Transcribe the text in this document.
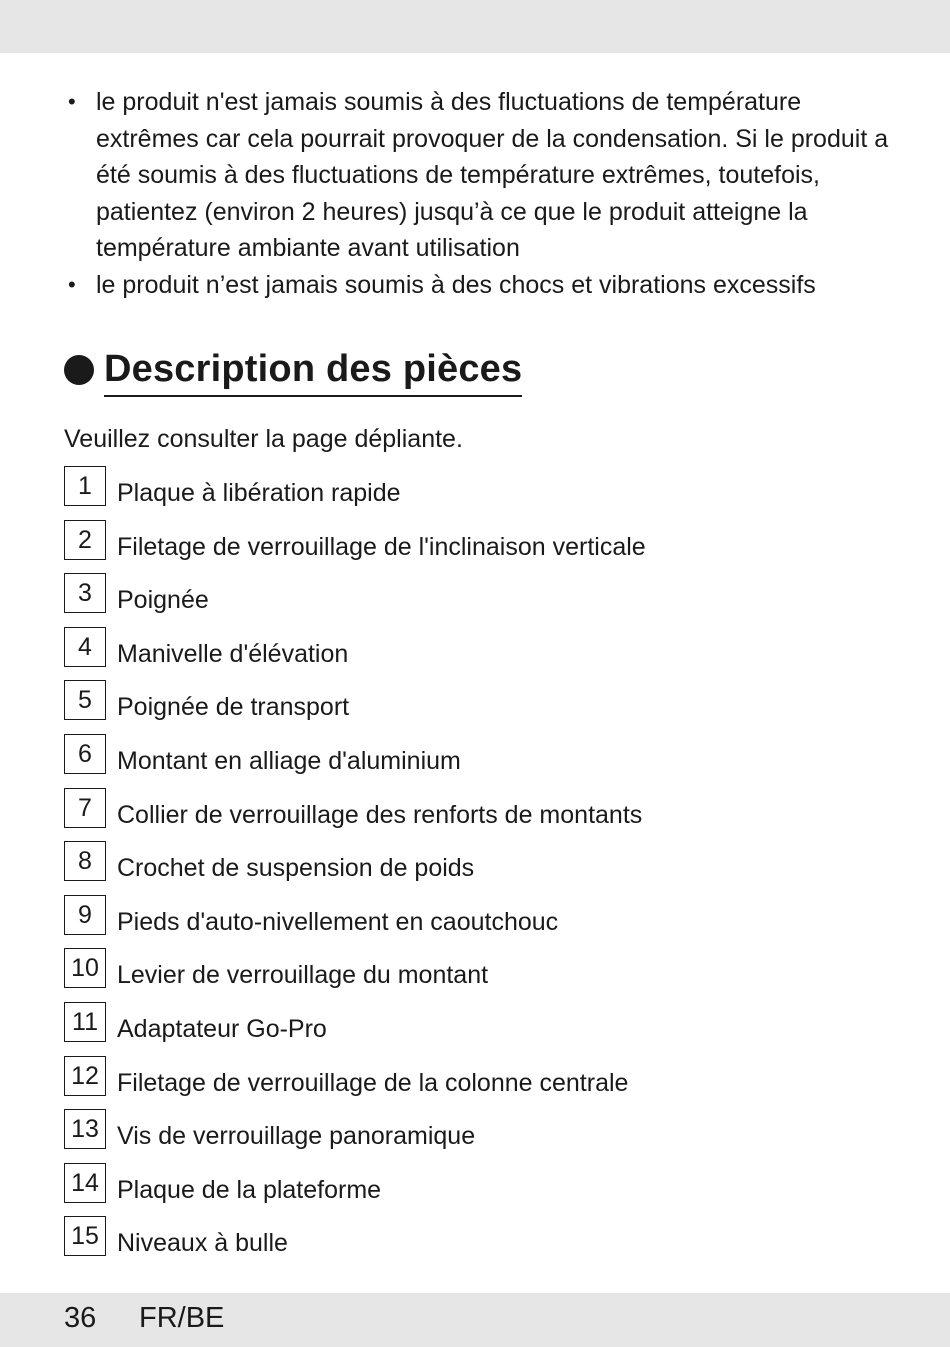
• le produit n'est jamais soumis à des fluctuations de température extrêmes car cela pourrait provoquer de la condensation. Si le produit a été soumis à des fluctuations de température extrêmes, toutefois, patientez (environ 2 heures) jusqu’à ce que le produit atteigne la température ambiante avant utilisation
• le produit n’est jamais soumis à des chocs et vibrations excessifs
Description des pièces
Veuillez consulter la page dépliante.
1	Plaque à libération rapide
2	Filetage de verrouillage de l'inclinaison verticale
3	Poignée
4	Manivelle d'élévation
5	Poignée de transport
6	Montant en alliage d'aluminium
7	Collier de verrouillage des renforts de montants
8	Crochet de suspension de poids
9	Pieds d'auto-nivellement en caoutchouc
10 Levier de verrouillage du montant
11 Adaptateur Go-Pro
12 Filetage de verrouillage de la colonne centrale
13 Vis de verrouillage panoramique
14 Plaque de la plateforme
15 Niveaux à bulle
36 FR/BE
